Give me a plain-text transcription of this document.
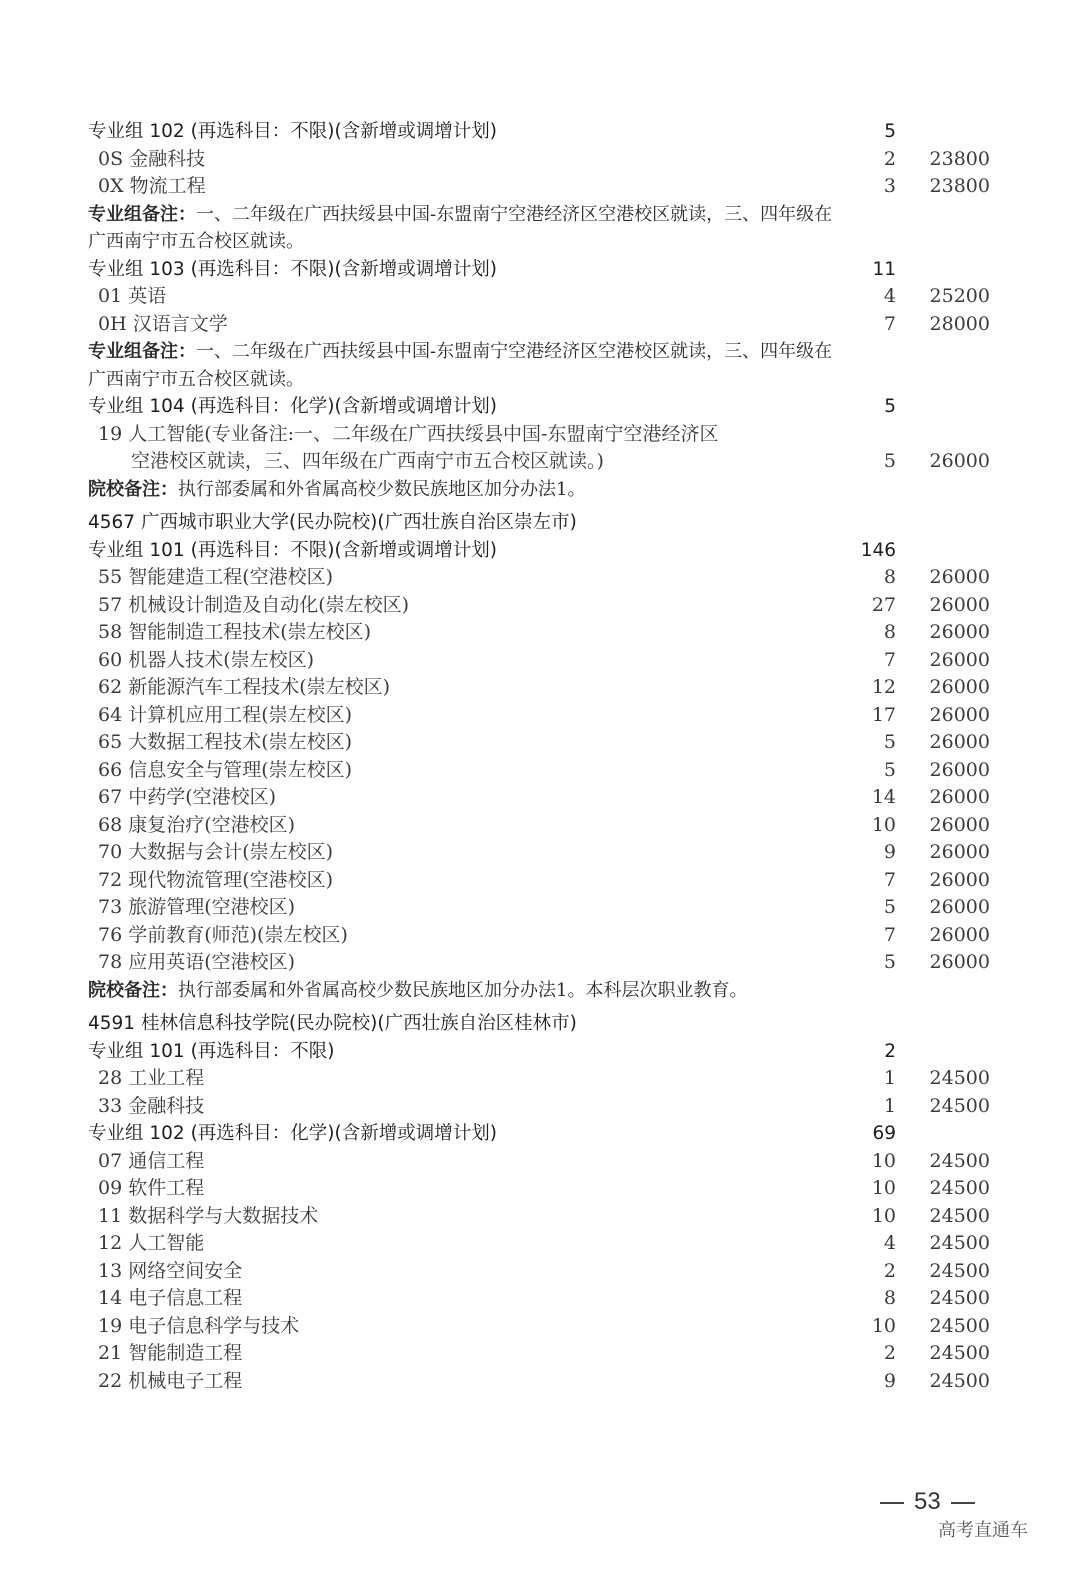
专业组 102 (再选科目：不限)(含新增或调增计划)	5
0S 金融科技	2 23800
0X 物流工程	3 23800
专业组备注：一、二年级在广西扶绥县中国-东盟南宁空港经济区空港校区就读，三、四年级在
广西南宁市五合校区就读。
专业组 103 (再选科目：不限)(含新增或调增计划)	11
01 英语	4 25200
0H 汉语言文学	7 28000
专业组备注：一、二年级在广西扶绥县中国-东盟南宁空港经济区空港校区就读，三、四年级在
广西南宁市五合校区就读。
专业组 104 (再选科目：化学)(含新增或调增计划)	5
19 人工智能(专业备注:一、二年级在广西扶绥县中国-东盟南宁空港经济区
空港校区就读，三、四年级在广西南宁市五合校区就读。)	5 26000
院校备注：执行部委属和外省属高校少数民族地区加分办法1。
4567 广西城市职业大学(民办院校)(广西壮族自治区崇左市)
专业组 101 (再选科目：不限)(含新增或调增计划)	146
55 智能建造工程(空港校区)	8 26000
57 机械设计制造及自动化(崇左校区)	27 26000
58 智能制造工程技术(崇左校区)	8 26000
60 机器人技术(崇左校区)	7 26000
62 新能源汽车工程技术(崇左校区)	12 26000
64 计算机应用工程(崇左校区)	17 26000
65 大数据工程技术(崇左校区)	5 26000
66 信息安全与管理(崇左校区)	5 26000
67 中药学(空港校区)	14 26000
68 康复治疗(空港校区)	10 26000
70 大数据与会计(崇左校区)	9 26000
72 现代物流管理(空港校区)	7 26000
73 旅游管理(空港校区)	5 26000
76 学前教育(师范)(崇左校区)	7 26000
78 应用英语(空港校区)	5 26000
院校备注：执行部委属和外省属高校少数民族地区加分办法1。本科层次职业教育。
4591 桂林信息科技学院(民办院校)(广西壮族自治区桂林市)
专业组 101 (再选科目：不限)	2
28 工业工程	1 24500
33 金融科技	1 24500
专业组 102 (再选科目：化学)(含新增或调增计划)	69
07 通信工程	10 24500
09 软件工程	10 24500
11 数据科学与大数据技术	10 24500
12 人工智能	4 24500
13 网络空间安全	2 24500
14 电子信息工程	8 24500
19 电子信息科学与技术	10 24500
21 智能制造工程	2 24500
22 机械电子工程	9 24500
53
高考直通车
